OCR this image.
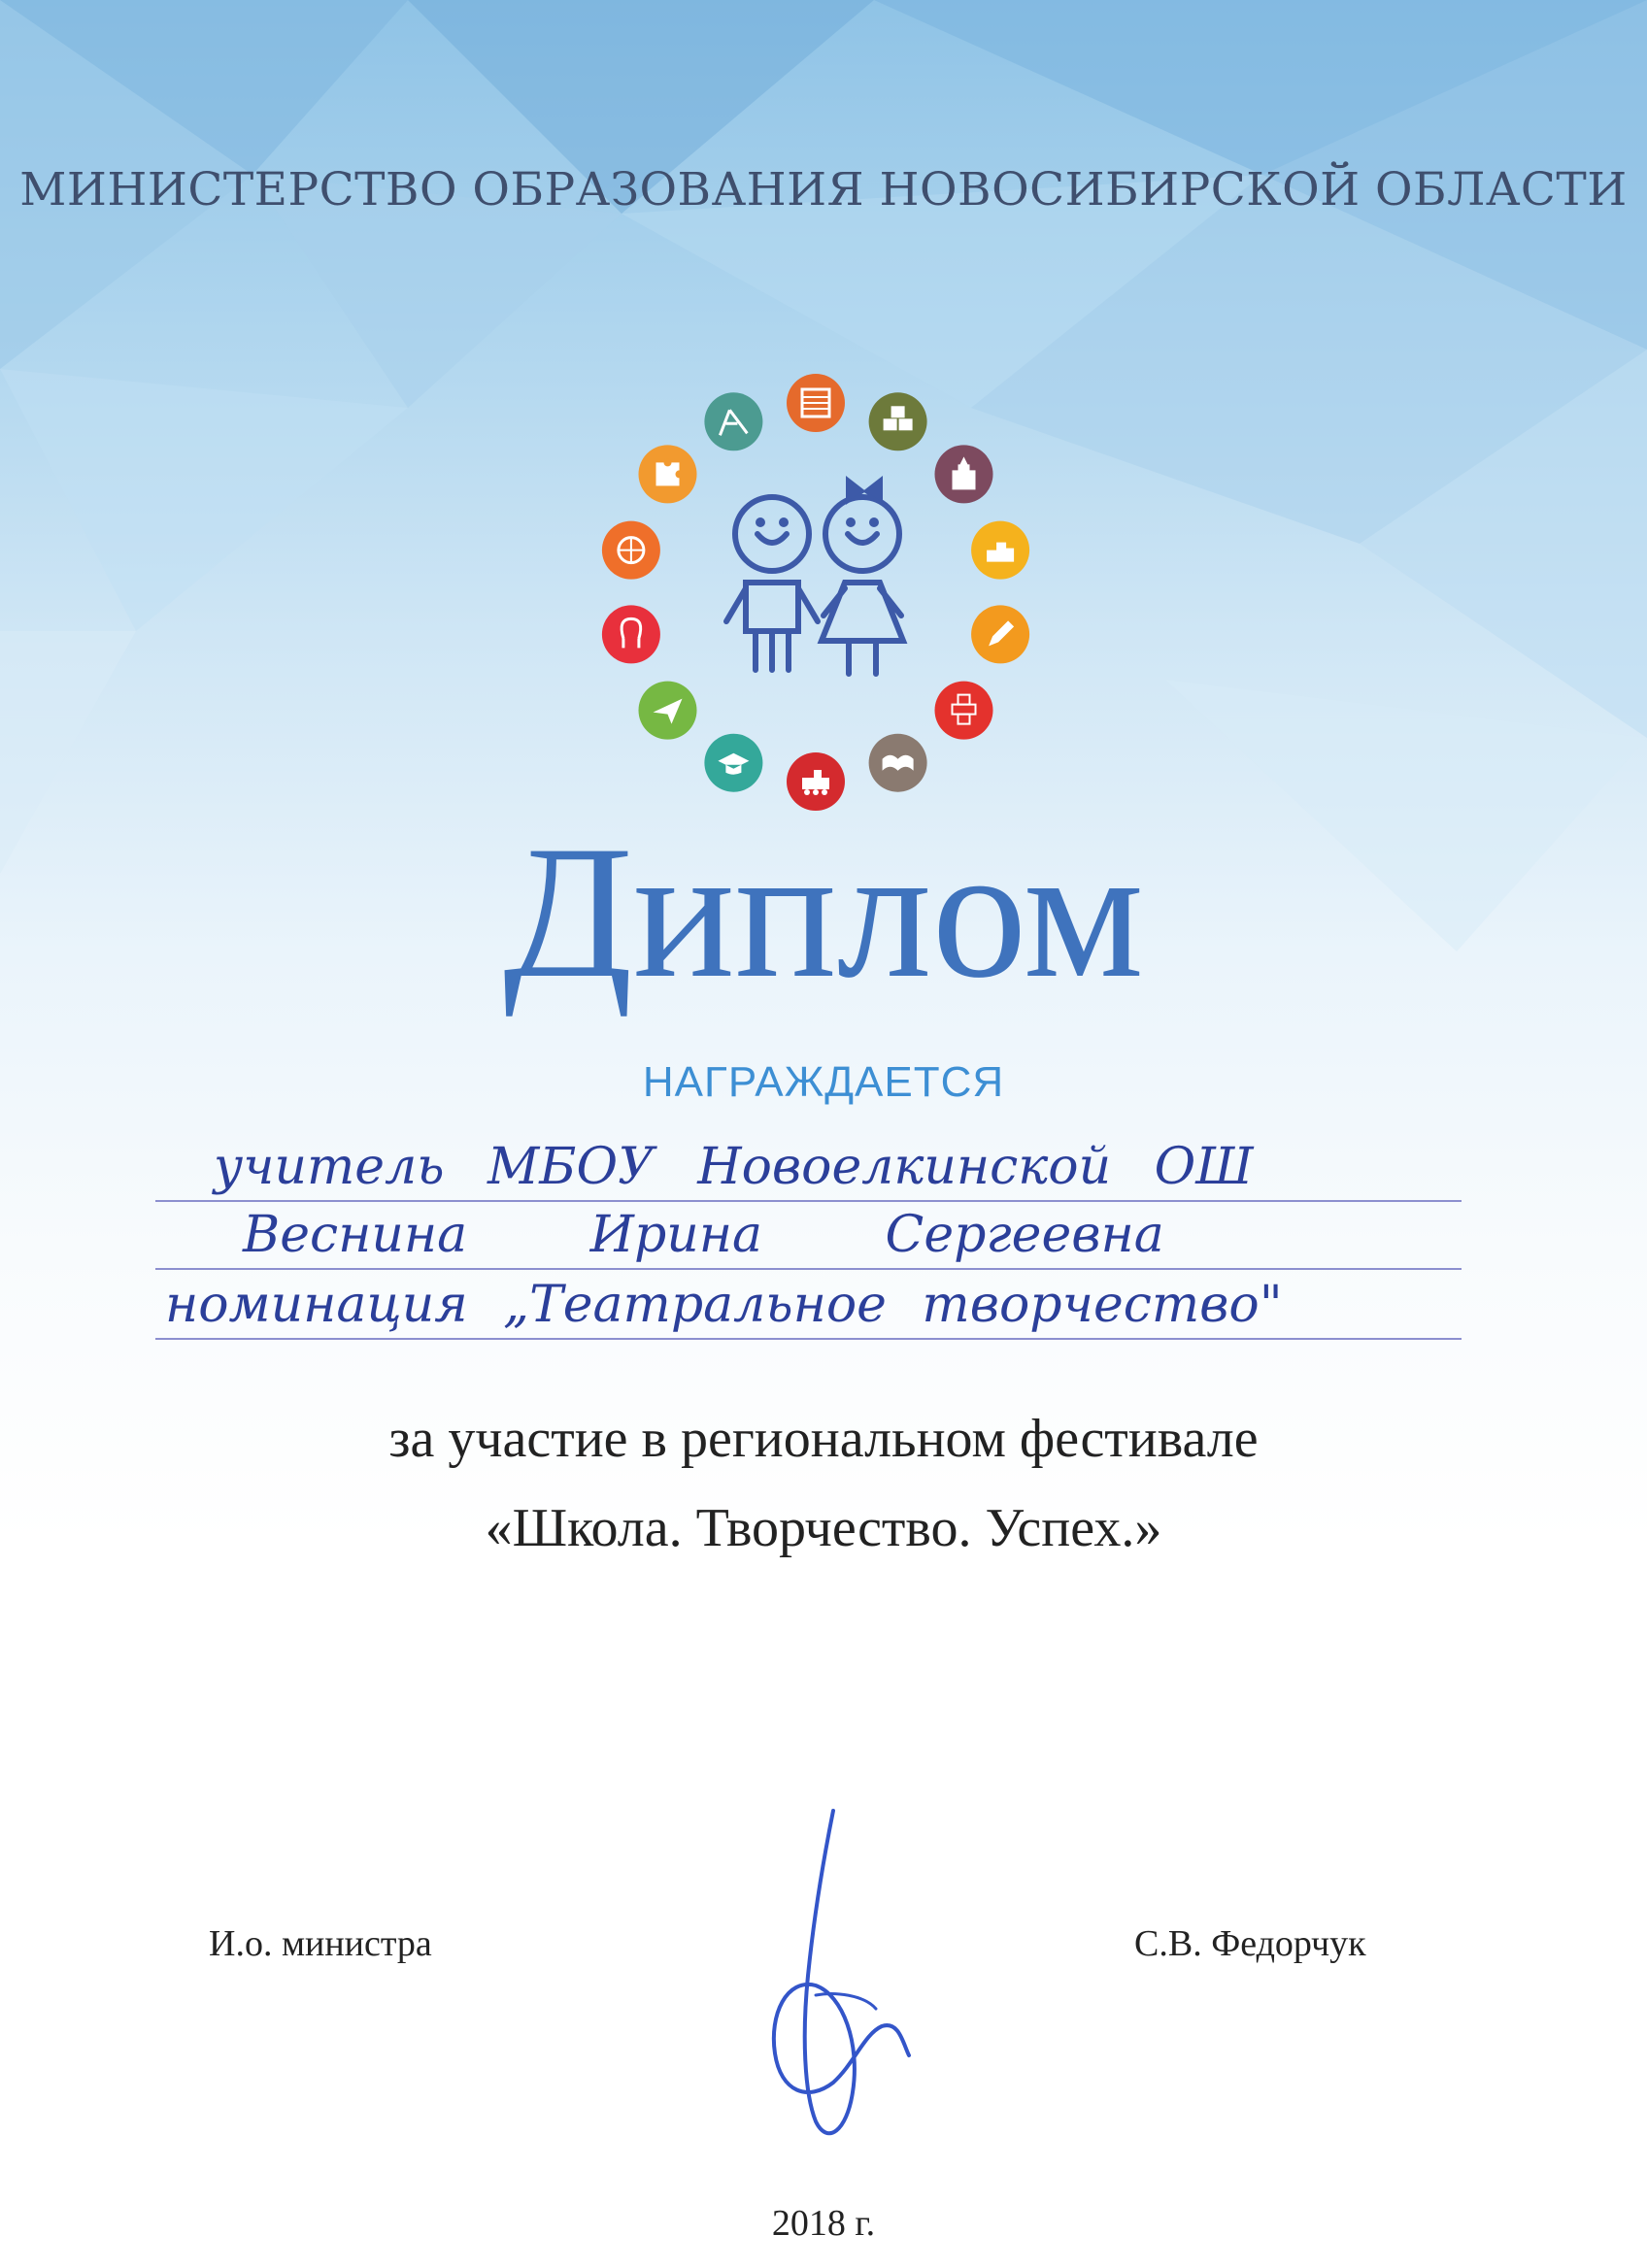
МИНИСТЕРСТВО ОБРАЗОВАНИЯ НОВОСИБИРСКОЙ ОБЛАСТИ
Диплом
НАГРАЖДАЕТСЯ
учитель МБОУ Новоелкинской ОШ
Веснина Ирина Сергеевна
номинация „Театральное творчество"
за участие в региональном фестивале
«Школа. Творчество. Успех.»
И.о. министра	С.В. Федорчук
2018 г.
